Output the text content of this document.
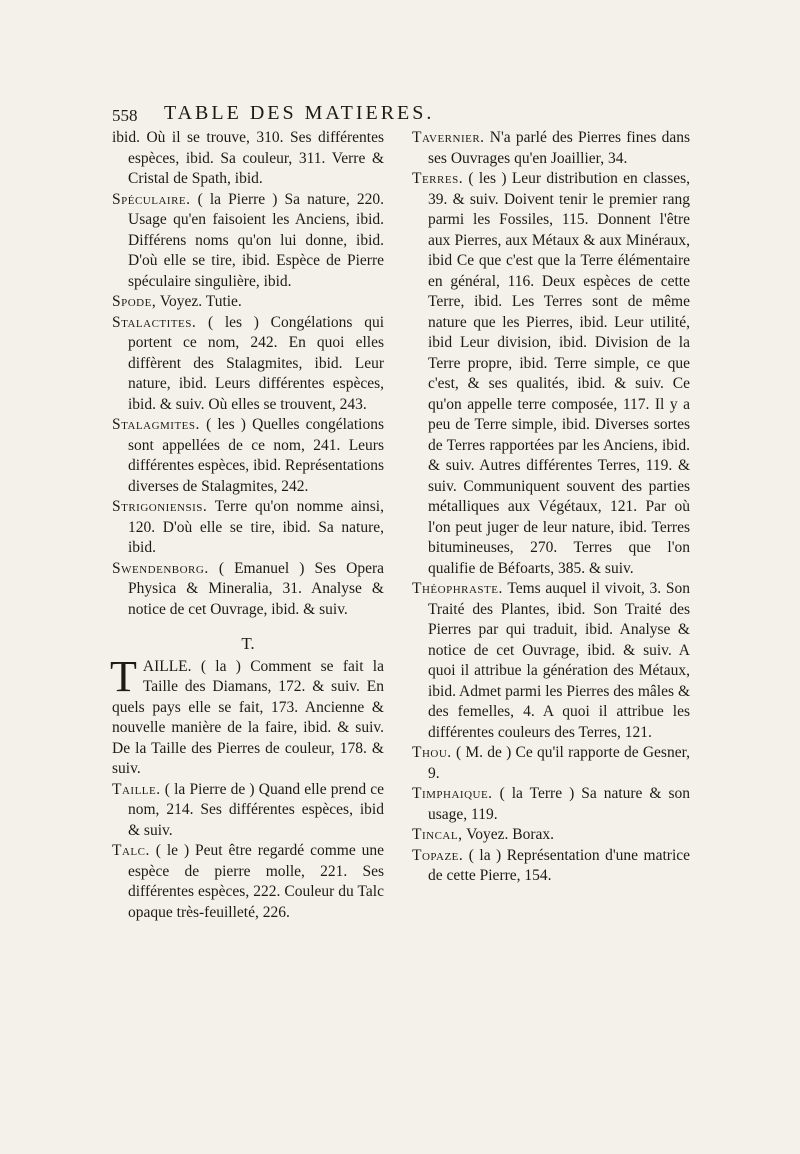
558 TABLE DES MATIERES.

ibid. Où il se trouve, 310. Ses différentes espèces, ibid. Sa couleur, 311. Verre & Cristal de Spath, ibid.

Spéculaire. ( la Pierre ) Sa nature, 220. Usage qu'en faisoient les Anciens, ibid. Différens noms qu'on lui donne, ibid. D'où elle se tire, ibid. Espèce de Pierre spéculaire singulière, ibid.

Spode, Voyez. Tutie.

Stalactites. ( les ) Congélations qui portent ce nom, 242. En quoi elles diffèrent des Stalagmites, ibid. Leur nature, ibid. Leurs différentes espèces, ibid. & suiv. Où elles se trouvent, 243.

Stalagmites. ( les ) Quelles congélations sont appellées de ce nom, 241. Leurs différentes espèces, ibid. Représentations diverses de Stalagmites, 242.

Strigoniensis. Terre qu'on nomme ainsi, 120. D'où elle se tire, ibid. Sa nature, ibid.

Swendenborg. ( Emanuel ) Ses Opera Physica & Mineralia, 31. Analyse & notice de cet Ouvrage, ibid. & suiv.

T.

T AILLE. ( la ) Comment se fait la Taille des Diamans, 172. & suiv. En quels pays elle se fait, 173. Ancienne & nouvelle manière de la faire, ibid. & suiv. De la Taille des Pierres de couleur, 178. & suiv.

Taille. ( la Pierre de ) Quand elle prend ce nom, 214. Ses différentes espèces, ibid & suiv.

Talc. ( le ) Peut être regardé comme une espèce de pierre molle, 221. Ses différentes espèces, 222. Couleur du Talc opaque très-feuilleté, 226.

Tavernier. N'a parlé des Pierres fines dans ses Ouvrages qu'en Joaillier, 34.

Terres. ( les ) Leur distribution en classes, 39. & suiv. Doivent tenir le premier rang parmi les Fossiles, 115. Donnent l'être aux Pierres, aux Métaux & aux Minéraux, ibid Ce que c'est que la Terre élémentaire en général, 116. Deux espèces de cette Terre, ibid. Les Terres sont de même nature que les Pierres, ibid. Leur utilité, ibid Leur division, ibid. Division de la Terre propre, ibid. Terre simple, ce que c'est, & ses qualités, ibid. & suiv. Ce qu'on appelle terre composée, 117. Il y a peu de Terre simple, ibid. Diverses sortes de Terres rapportées par les Anciens, ibid. & suiv. Autres différentes Terres, 119. & suiv. Communiquent souvent des parties métalliques aux Végétaux, 121. Par où l'on peut juger de leur nature, ibid. Terres bitumineuses, 270. Terres que l'on qualifie de Béfoarts, 385. & suiv.

Théophraste. Tems auquel il vivoit, 3. Son Traité des Plantes, ibid. Son Traité des Pierres par qui traduit, ibid. Analyse & notice de cet Ouvrage, ibid. & suiv. A quoi il attribue la génération des Métaux, ibid. Admet parmi les Pierres des mâles & des femelles, 4. A quoi il attribue les différentes couleurs des Terres, 121.

Thou. ( M. de ) Ce qu'il rapporte de Gesner, 9.

Timphaique. ( la Terre ) Sa nature & son usage, 119.

Tincal, Voyez. Borax.

Topaze. ( la ) Représentation d'une matrice de cette Pierre, 154.
